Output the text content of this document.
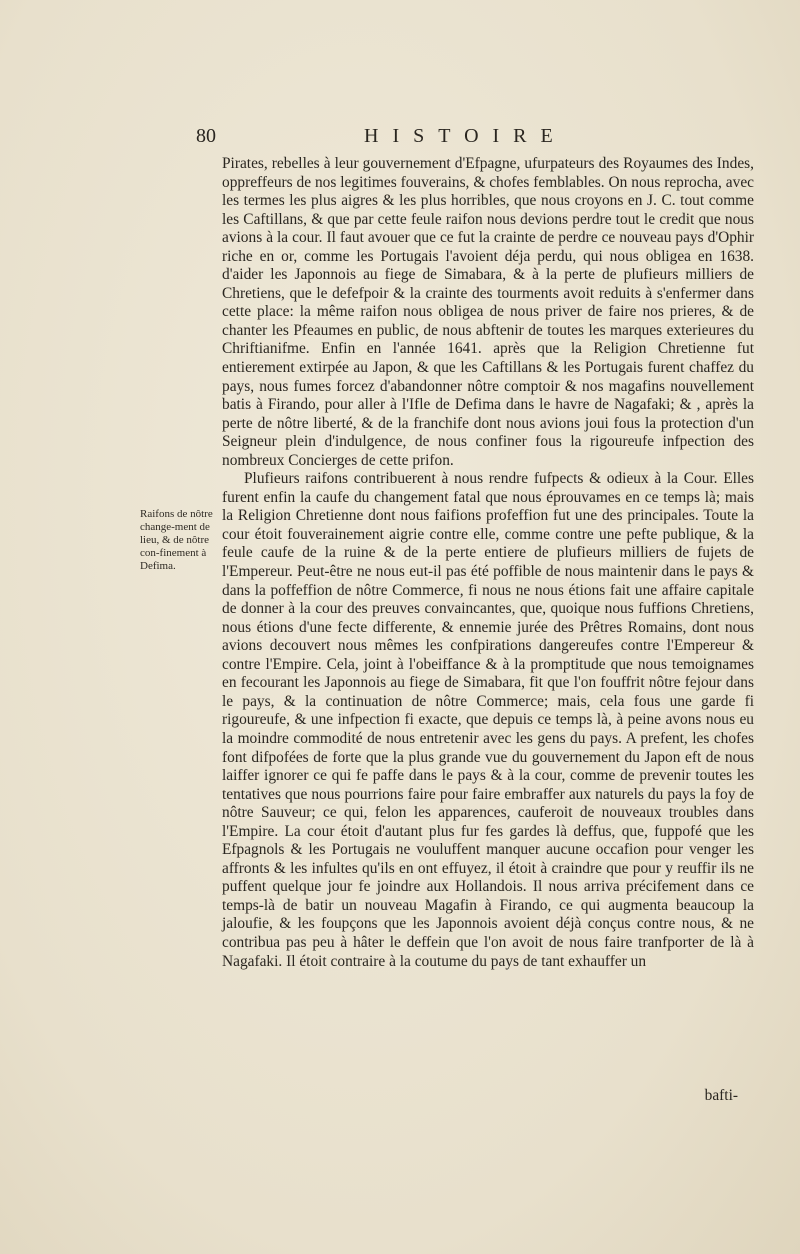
80	HISTOIRE

Pirates, rebelles à leur gouvernement d'Efpagne, ufurpateurs des Royaumes des Indes, oppreffeurs de nos legitimes fouverains, & chofes femblables. On nous reprocha, avec les termes les plus aigres & les plus horribles, que nous croyons en J. C. tout comme les Caftillans, & que par cette feule raifon nous devions perdre tout le credit que nous avions à la cour. Il faut avouer que ce fut la crainte de perdre ce nouveau pays d'Ophir riche en or, comme les Portugais l'avoient déja perdu, qui nous obligea en 1638. d'aider les Japonnois au fiege de Simabara, & à la perte de plufieurs milliers de Chretiens, que le defefpoir & la crainte des tourments avoit reduits à s'enfermer dans cette place: la même raifon nous obligea de nous priver de faire nos prieres, & de chanter les Pfeaumes en public, de nous abftenir de toutes les marques exterieures du Chriftianifme. Enfin en l'année 1641. après que la Religion Chretienne fut entierement extirpée au Japon, & que les Caftillans & les Portugais furent chaffez du pays, nous fumes forcez d'abandonner nôtre comptoir & nos magafins nouvellement batis à Firando, pour aller à l'Ifle de Defima dans le havre de Nagafaki; & , après la perte de nôtre liberté, & de la franchife dont nous avions joui fous la protection d'un Seigneur plein d'indulgence, de nous confiner fous la rigoureufe infpection des nombreux Concierges de cette prifon.

Plufieurs raifons contribuerent à nous rendre fufpects & odieux à la Cour. Elles furent enfin la caufe du changement fatal que nous éprouvames en ce temps là; mais la Religion Chretienne dont nous faifions profeffion fut une des principales. Toute la cour étoit fouverainement aigrie contre elle, comme contre une pefte publique, & la feule caufe de la ruine & de la perte entiere de plufieurs milliers de fujets de l'Empereur. Peut-être ne nous eut-il pas été poffible de nous maintenir dans le pays & dans la poffeffion de nôtre Commerce, fi nous ne nous étions fait une affaire capitale de donner à la cour des preuves convaincantes, que, quoique nous fuffions Chretiens, nous étions d'une fecte differente, & ennemie jurée des Prêtres Romains, dont nous avions decouvert nous mêmes les confpirations dangereufes contre l'Empereur & contre l'Empire. Cela, joint à l'obeiffance & à la promptitude que nous temoignames en fecourant les Japonnois au fiege de Simabara, fit que l'on fouffrit nôtre fejour dans le pays, & la continuation de nôtre Commerce; mais, cela fous une garde fi rigoureufe, & une infpection fi exacte, que depuis ce temps là, à peine avons nous eu la moindre commodité de nous entretenir avec les gens du pays. A prefent, les chofes font difpofées de forte que la plus grande vue du gouvernement du Japon eft de nous laiffer ignorer ce qui fe paffe dans le pays & à la cour, comme de prevenir toutes les tentatives que nous pourrions faire pour faire embraffer aux naturels du pays la foy de nôtre Sauveur; ce qui, felon les apparences, cauferoit de nouveaux troubles dans l'Empire. La cour étoit d'autant plus fur fes gardes là deffus, que, fuppofé que les Efpagnols & les Portugais ne vouluffent manquer aucune occafion pour venger les affronts & les infultes qu'ils en ont effuyez, il étoit à craindre que pour y reuffir ils ne puffent quelque jour fe joindre aux Hollandois. Il nous arriva précifement dans ce temps-là de batir un nouveau Magafin à Firando, ce qui augmenta beaucoup la jaloufie, & les foupçons que les Japonnois avoient déjà conçus contre nous, & ne contribua pas peu à hâter le deffein que l'on avoit de nous faire tranfporter de là à Nagafaki. Il étoit contraire à la coutume du pays de tant exhauffer un

Raifons de nôtre change-ment de lieu, & de nôtre con-finement à Defima.
bafti-
